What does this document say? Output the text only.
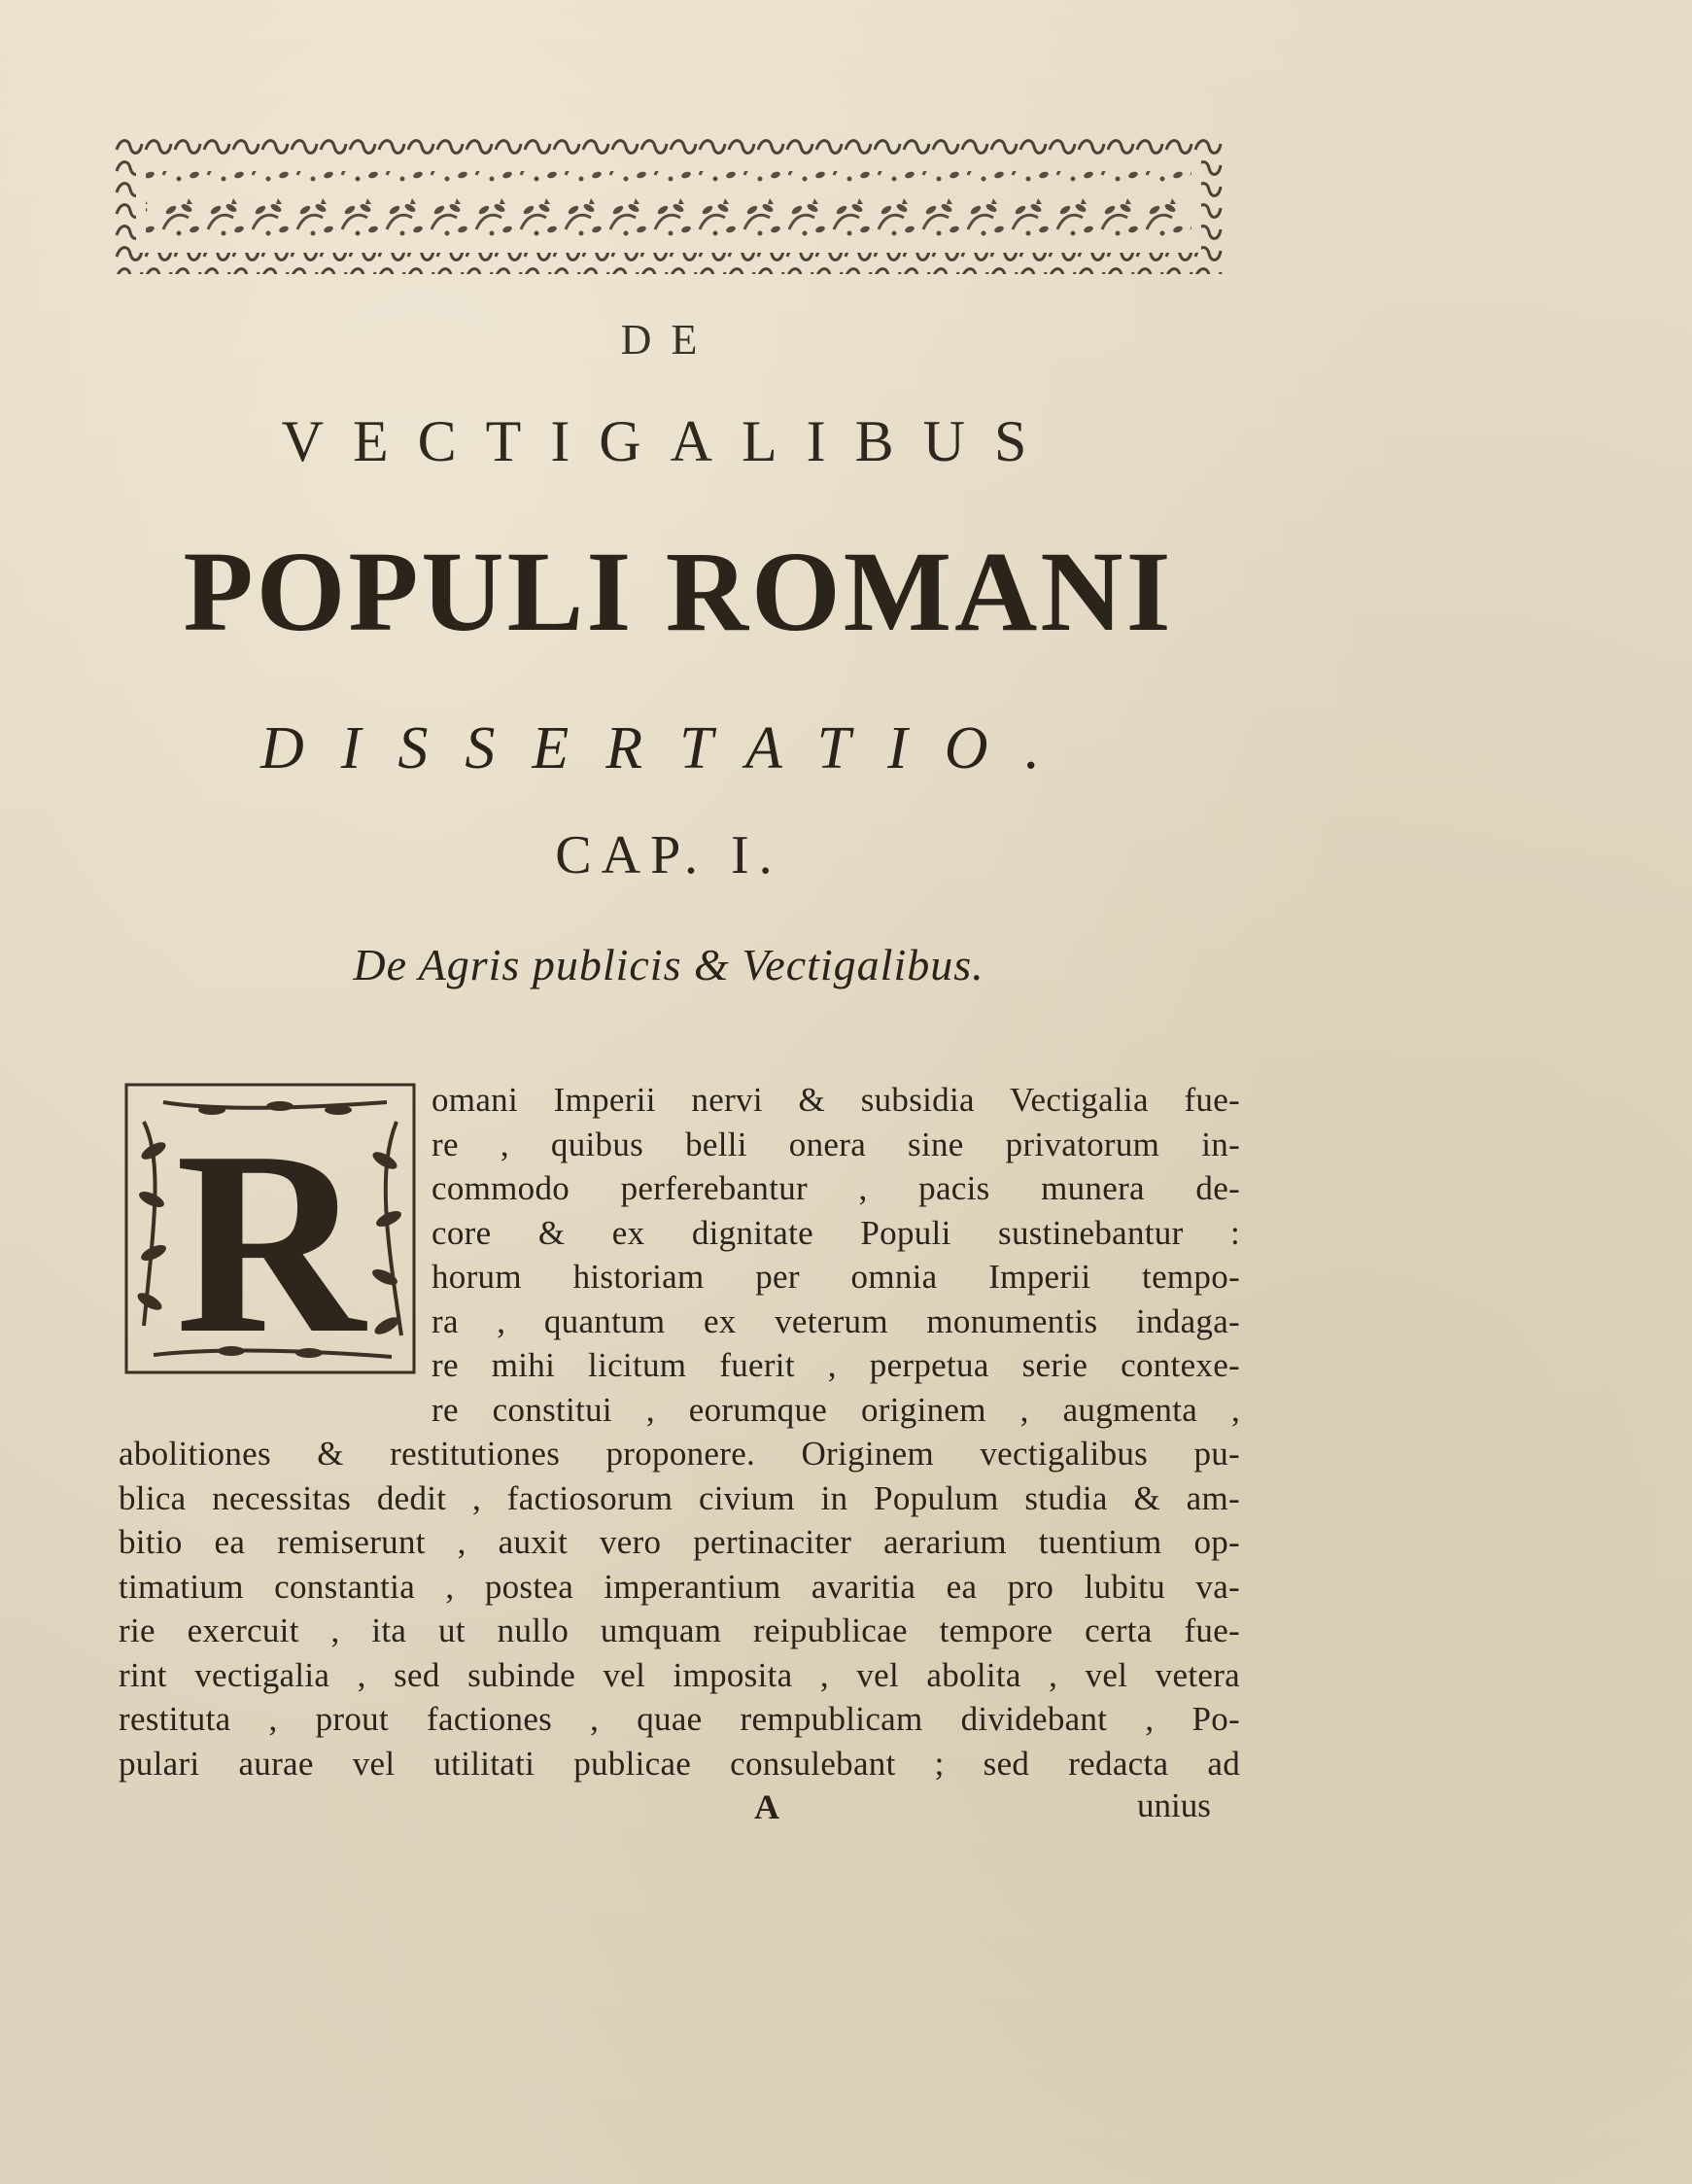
DE
VECTIGALIBUS
POPULI ROMANI
DISSERTATIO.
CAP. I.
De Agris publicis & Vectigalibus.
R omani Imperii nervi & subsidia Vectigalia fue-
re , quibus belli onera sine privatorum in-
commodo perferebantur , pacis munera de-
core & ex dignitate Populi sustinebantur :
horum historiam per omnia Imperii tempo-
ra , quantum ex veterum monumentis indaga-
re mihi licitum fuerit , perpetua serie contexe-
re constitui , eorumque originem , augmenta ,
abolitiones & restitutiones proponere. Originem vectigalibus pu-
blica necessitas dedit , factiosorum civium in Populum studia & am-
bitio ea remiserunt , auxit vero pertinaciter aerarium tuentium op-
timatium constantia , postea imperantium avaritia ea pro lubitu va-
rie exercuit , ita ut nullo umquam reipublicae tempore certa fue-
rint vectigalia , sed subinde vel imposita , vel abolita , vel vetera
restituta , prout factiones , quae rempublicam dividebant , Po-
pulari aurae vel utilitati publicae consulebant ; sed redacta ad
A	unius
